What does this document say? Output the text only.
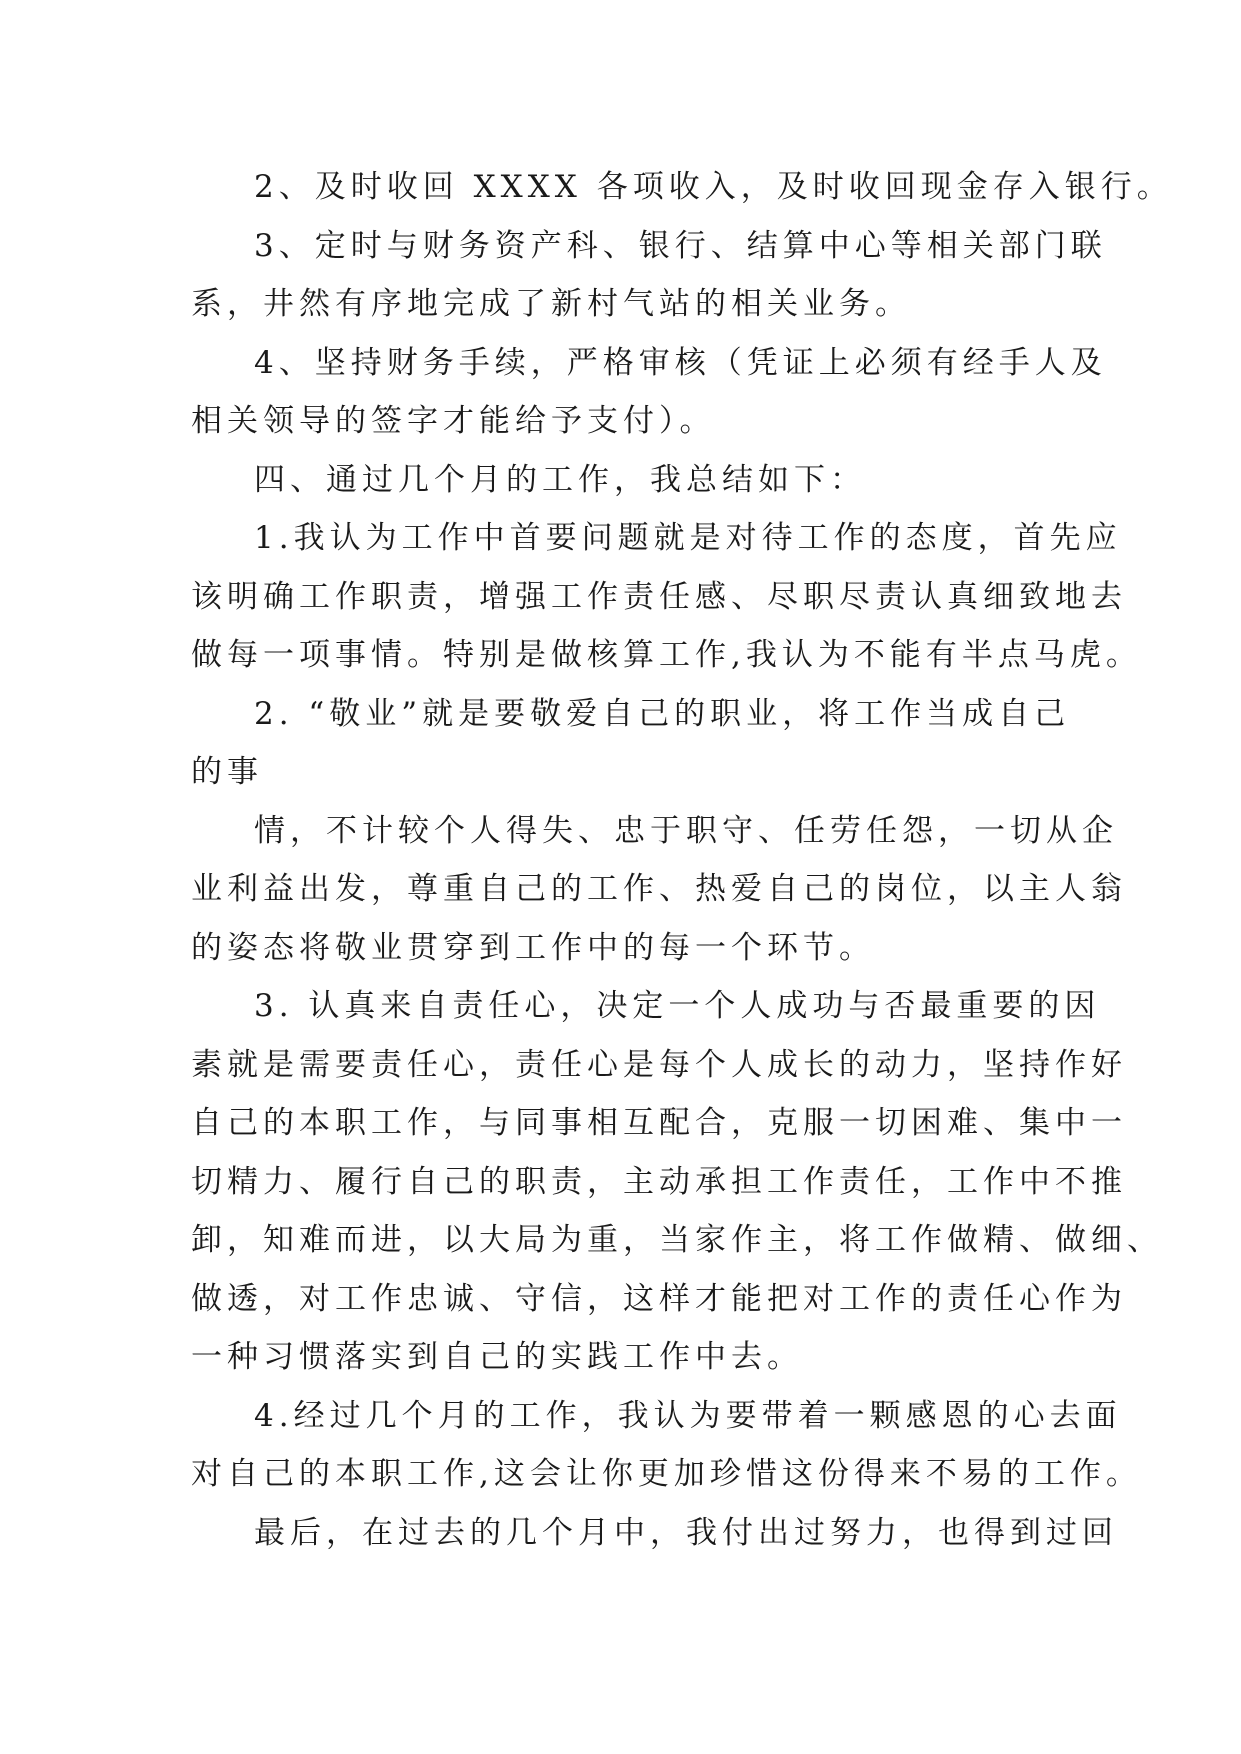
2、及时收回 XXXX 各项收入，及时收回现金存入银行。

3、定时与财务资产科、银行、结算中心等相关部门联

系，井然有序地完成了新村气站的相关业务。

4、坚持财务手续，严格审核（凭证上必须有经手人及

相关领导的签字才能给予支付）。

四、通过几个月的工作，我总结如下：

1.我认为工作中首要问题就是对待工作的态度，首先应

该明确工作职责，增强工作责任感、尽职尽责认真细致地去

做每一项事情。特别是做核算工作,我认为不能有半点马虎。

2. “敬业”就是要敬爱自己的职业，将工作当成自己

的事

情，不计较个人得失、忠于职守、任劳任怨，一切从企

业利益出发，尊重自己的工作、热爱自己的岗位，以主人翁

的姿态将敬业贯穿到工作中的每一个环节。

3. 认真来自责任心，决定一个人成功与否最重要的因

素就是需要责任心，责任心是每个人成长的动力，坚持作好

自己的本职工作，与同事相互配合，克服一切困难、集中一

切精力、履行自己的职责，主动承担工作责任，工作中不推

卸，知难而进，以大局为重，当家作主，将工作做精、做细、

做透，对工作忠诚、守信，这样才能把对工作的责任心作为

一种习惯落实到自己的实践工作中去。

4.经过几个月的工作，我认为要带着一颗感恩的心去面

对自己的本职工作,这会让你更加珍惜这份得来不易的工作。

最后，在过去的几个月中，我付出过努力，也得到过回
